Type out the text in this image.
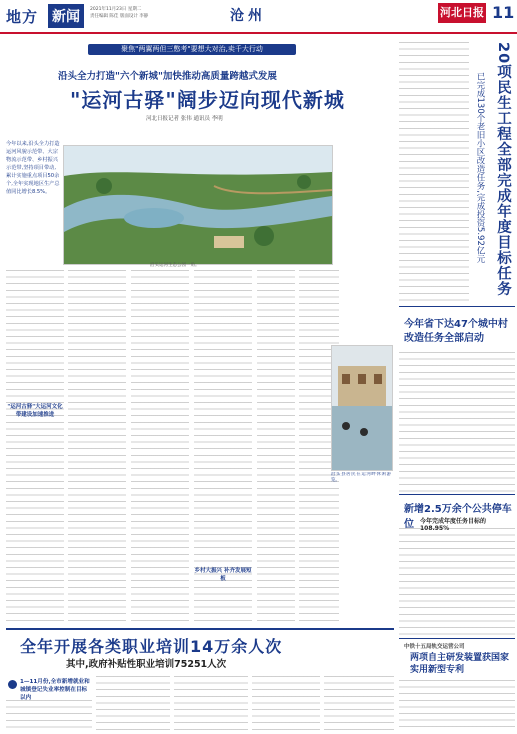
地方 新闻	2021年11月23日 星期二
责任编辑 陈佳 版面设计 李静	沧州	河北日报 11
聚焦"两翼两但三憋考"要想大对治,卖千大行动
沿头全力打造"六个新城"加快推动高质量跨越式发展
"运河古驿"阔步迈向现代新城
河北日报记者 张伟 通讯员 李明
今年以来,沿头全力打造运河风貌示范带、大宗物流示范带、乡村振兴示范带,坚持项目带动,累计实施重点项目50余个,全年实现地区生产总值同比增长8.5%。
沿头运河生态公园一角。
"运河古驿"大运河文化带建设加速推进
乡村大振兴 补齐发展短板
沿头县居民在运河畔休闲游览。
20项民生工程全部完成年度目标任务
已完成130个老旧小区改造任务,完成投资5.92亿元
今年省下达47个城中村改造任务全部启动
新增2.5万余个公共停车位	今年完成年度任务目标的108.95%
中铁十五局轨交运营公司
两项自主研发装置获国家实用新型专利
全年开展各类职业培训14万余人次
其中,政府补贴性职业培训75251人次
1—11月份,全市新增就业和城镇登记失业率控制在目标以内
